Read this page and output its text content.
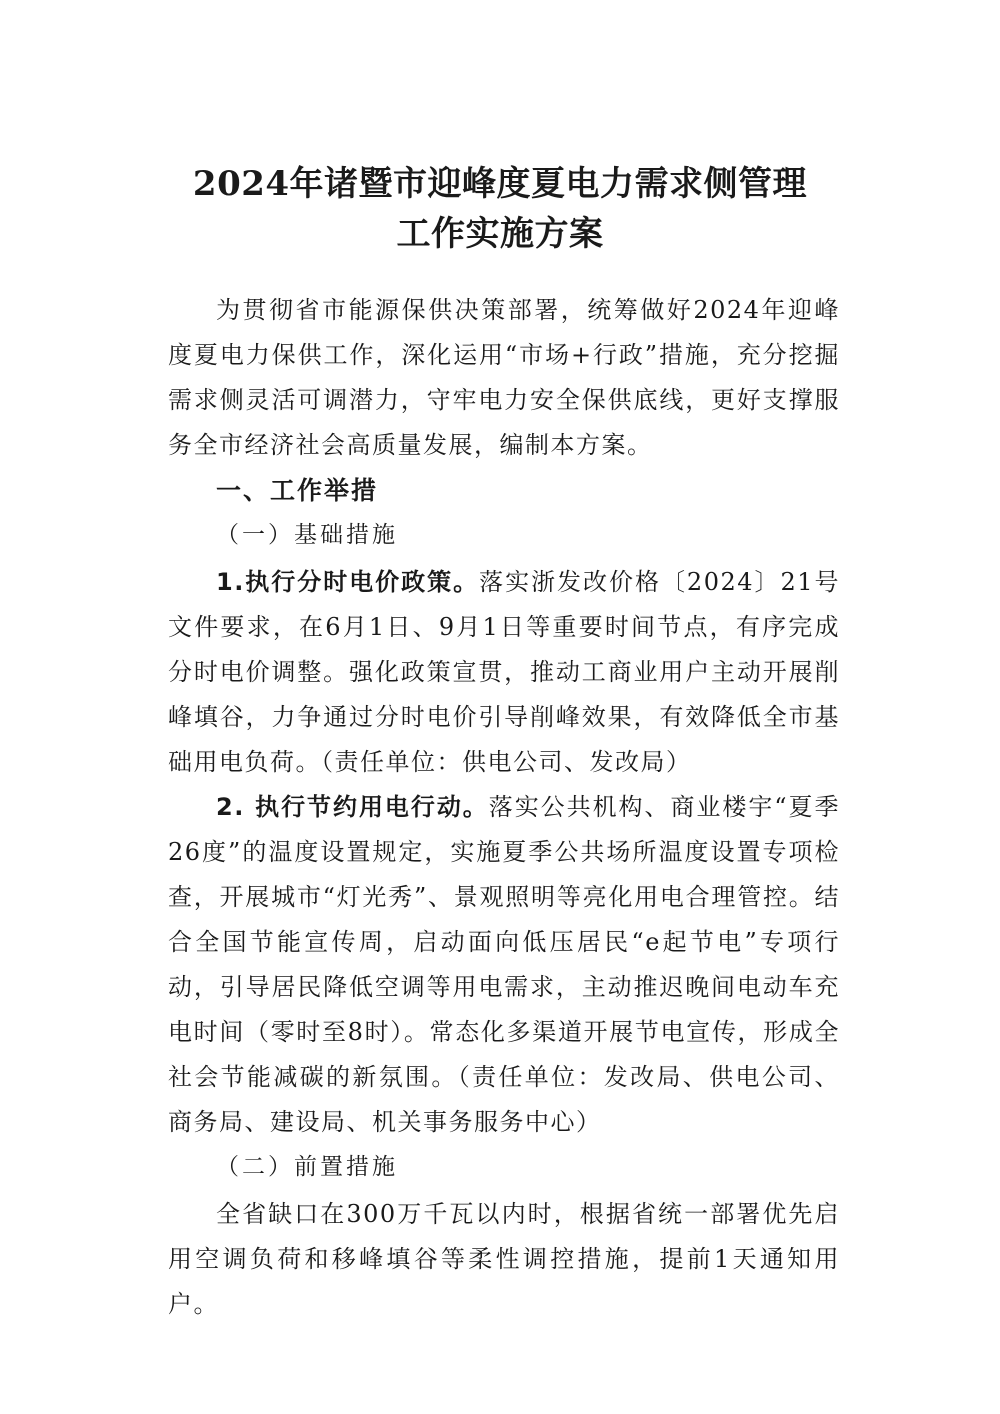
2024年诸暨市迎峰度夏电力需求侧管理
工作实施方案
为贯彻省市能源保供决策部署，统筹做好2024年迎峰度夏电力保供工作，深化运用“市场+行政”措施，充分挖掘需求侧灵活可调潜力，守牢电力安全保供底线，更好支撑服务全市经济社会高质量发展，编制本方案。
一、工作举措
（一）基础措施
1.执行分时电价政策。落实浙发改价格〔2024〕21号文件要求，在6月1日、9月1日等重要时间节点，有序完成分时电价调整。强化政策宣贯，推动工商业用户主动开展削峰填谷，力争通过分时电价引导削峰效果，有效降低全市基础用电负荷。（责任单位：供电公司、发改局）
2. 执行节约用电行动。落实公共机构、商业楼宇“夏季26度”的温度设置规定，实施夏季公共场所温度设置专项检查，开展城市“灯光秀”、景观照明等亮化用电合理管控。结合全国节能宣传周，启动面向低压居民“e起节电”专项行动，引导居民降低空调等用电需求，主动推迟晚间电动车充电时间（零时至8时）。常态化多渠道开展节电宣传，形成全社会节能减碳的新氛围。（责任单位：发改局、供电公司、商务局、建设局、机关事务服务中心）
（二）前置措施
全省缺口在300万千瓦以内时，根据省统一部署优先启用空调负荷和移峰填谷等柔性调控措施，提前1天通知用户。
